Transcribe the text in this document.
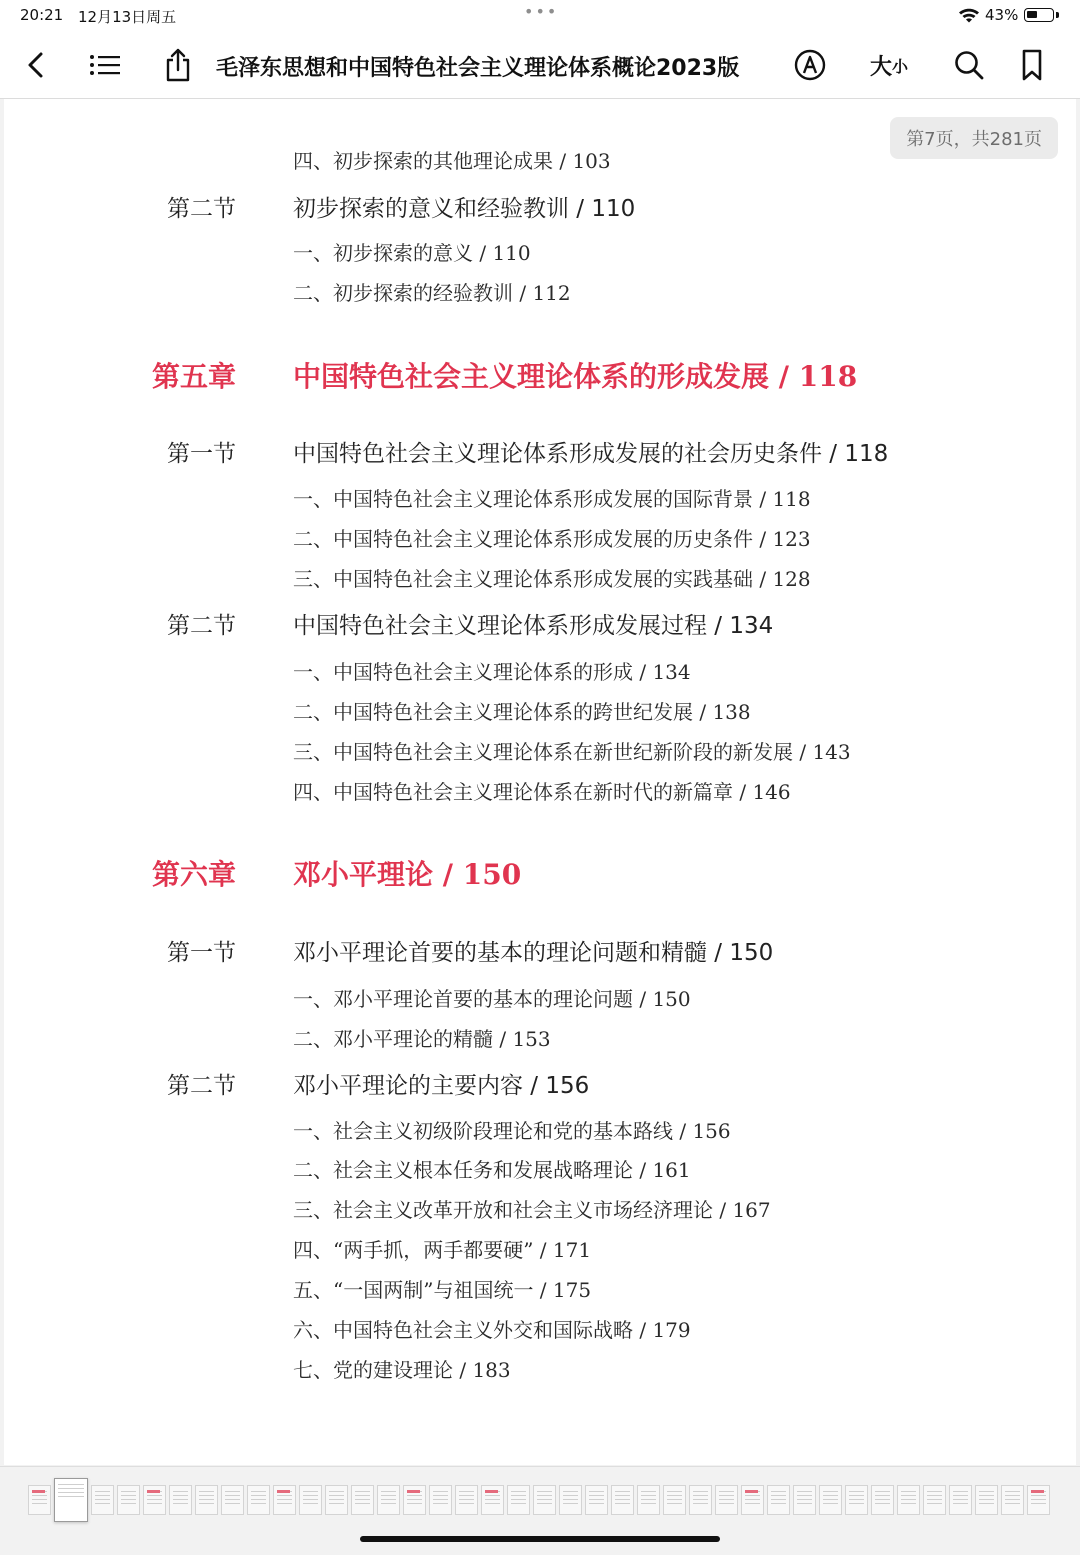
20:21 12月13日周五	•••	43%
毛泽东思想和中国特色社会主义理论体系概论2023版	大 小
第7页，共281页
四、初步探索的其他理论成果 / 103
第二节 初步探索的意义和经验教训 / 110
一、初步探索的意义 / 110
二、初步探索的经验教训 / 112
第五章 中国特色社会主义理论体系的形成发展 / 118
第一节 中国特色社会主义理论体系形成发展的社会历史条件 / 118
一、中国特色社会主义理论体系形成发展的国际背景 / 118
二、中国特色社会主义理论体系形成发展的历史条件 / 123
三、中国特色社会主义理论体系形成发展的实践基础 / 128
第二节 中国特色社会主义理论体系形成发展过程 / 134
一、中国特色社会主义理论体系的形成 / 134
二、中国特色社会主义理论体系的跨世纪发展 / 138
三、中国特色社会主义理论体系在新世纪新阶段的新发展 / 143
四、中国特色社会主义理论体系在新时代的新篇章 / 146
第六章 邓小平理论 / 150
第一节 邓小平理论首要的基本的理论问题和精髓 / 150
一、邓小平理论首要的基本的理论问题 / 150
二、邓小平理论的精髓 / 153
第二节 邓小平理论的主要内容 / 156
一、社会主义初级阶段理论和党的基本路线 / 156
二、社会主义根本任务和发展战略理论 / 161
三、社会主义改革开放和社会主义市场经济理论 / 167
四、“两手抓，两手都要硬” / 171
五、“一国两制”与祖国统一 / 175
六、中国特色社会主义外交和国际战略 / 179
七、党的建设理论 / 183
